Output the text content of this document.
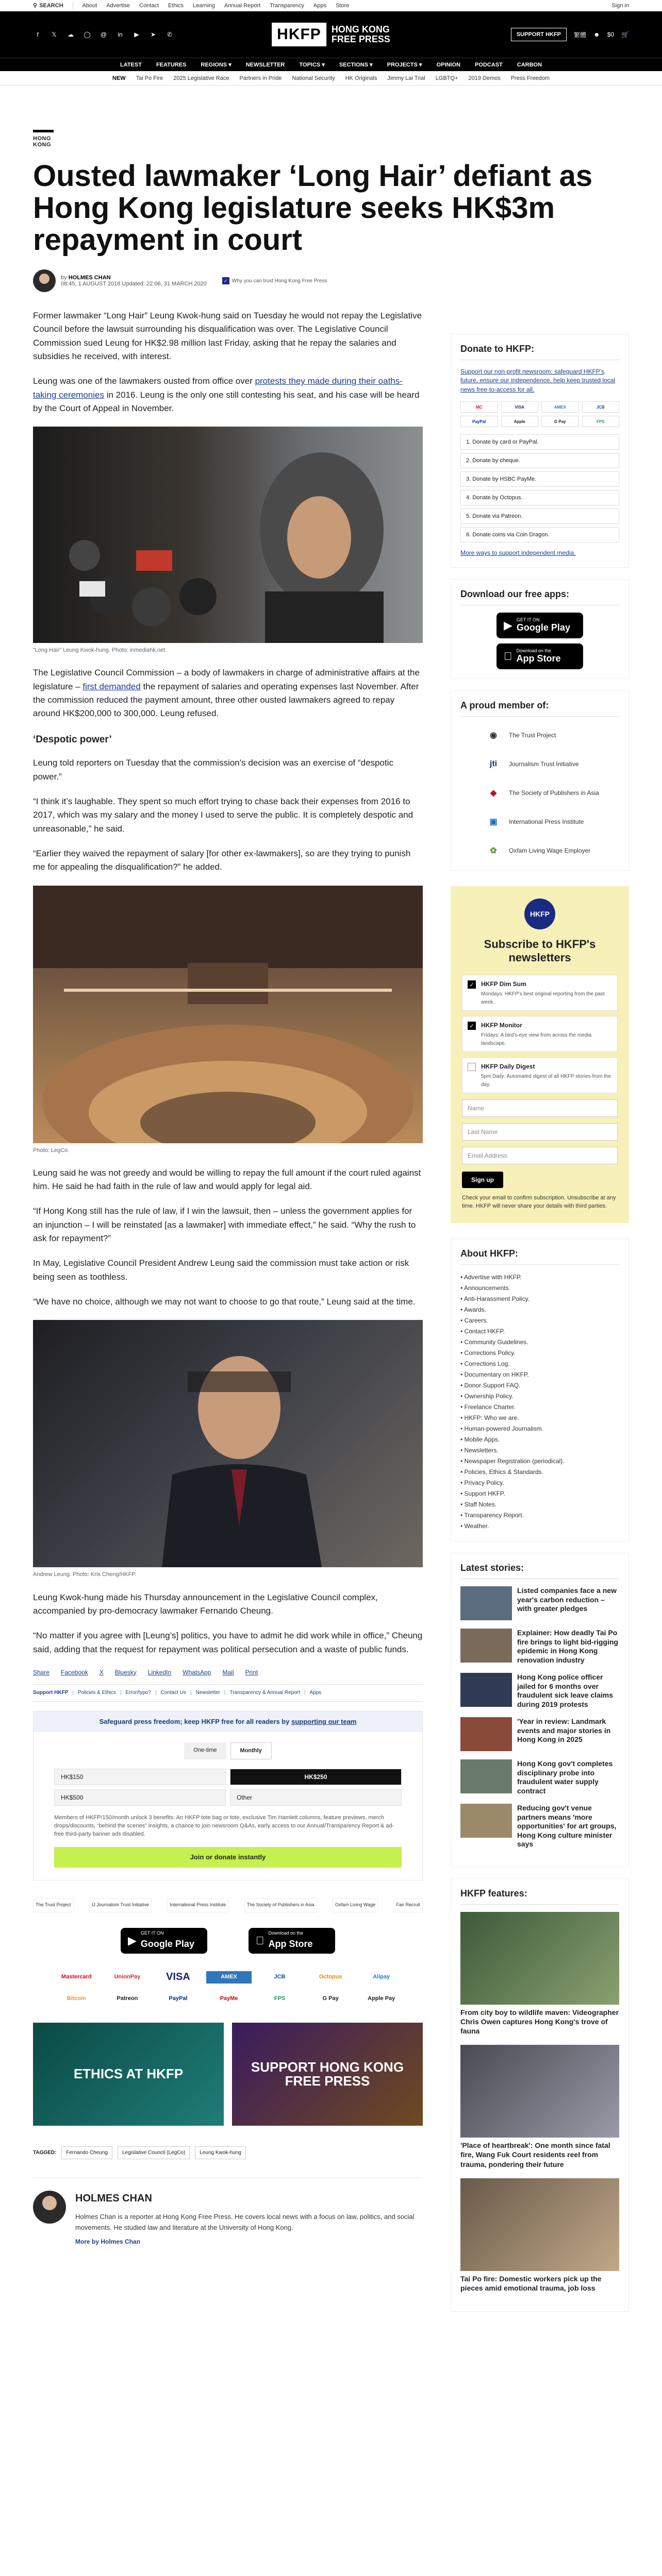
⚲ SEARCH	About Advertise Contact Ethics Learning Annual Report Transparency Apps Store	Sign in
f	𝕏	☁ ◯ @	in	▶	➤	✆	HKFP	HONG KONG
FREE PRESS	SUPPORT HKFP	繁體 ☻ $0 🛒
LATEST	FEATURES	REGIONS ▾	NEWSLETTER	TOPICS ▾	SECTIONS ▾	PROJECTS ▾	OPINION	PODCAST	CARBON
NEW Tai Po Fire 2025 Legislative Race Partners in Pride National Security HK Originals Jimmy Lai Trial LGBTQ+ 2019 Demos Press Freedom
HONG KONG
Ousted lawmaker ‘Long Hair’ defiant as Hong Kong legislature seeks HK$3m repayment in court
by HOLMES CHAN
08:45, 1 AUGUST 2018 Updated: 22:06, 31 MARCH 2020
✓ Why you can trust Hong Kong Free Press

Former lawmaker “Long Hair” Leung Kwok-hung said on Tuesday he would not repay the Legislative Council before the lawsuit surrounding his disqualification was over. The Legislative Council Commission sued Leung for HK$2.98 million last Friday, asking that he repay the salaries and subsidies he received, with interest.

Leung was one of the lawmakers ousted from office over protests they made during their oaths-taking ceremonies in 2016. Leung is the only one still contesting his seat, and his case will be heard by the Court of Appeal in November.

“Long Hair” Leung Kwok-hung. Photo: inmediahk.net.

The Legislative Council Commission – a body of lawmakers in charge of administrative affairs at the legislature – first demanded the repayment of salaries and operating expenses last November. After the commission reduced the payment amount, three other ousted lawmakers agreed to repay around HK$200,000 to 300,000. Leung refused.

‘Despotic power’

Leung told reporters on Tuesday that the commission’s decision was an exercise of “despotic power.”

“I think it’s laughable. They spent so much effort trying to chase back their expenses from 2016 to 2017, which was my salary and the money I used to serve the public. It is completely despotic and unreasonable,” he said.

“Earlier they waived the repayment of salary [for other ex-lawmakers], so are they trying to punish me for appealing the disqualification?” he added.

Photo: LegCo.

Leung said he was not greedy and would be willing to repay the full amount if the court ruled against him. He said he had faith in the rule of law and would apply for legal aid.

“If Hong Kong still has the rule of law, if I win the lawsuit, then – unless the government applies for an injunction – I will be reinstated [as a lawmaker] with immediate effect,” he said. “Why the rush to ask for repayment?”

In May, Legislative Council President Andrew Leung said the commission must take action or risk being seen as toothless.

“We have no choice, although we may not want to choose to go that route,” Leung said at the time.

Andrew Leung. Photo: Kris Cheng/HKFP.

Leung Kwok-hung made his Thursday announcement in the Legislative Council complex, accompanied by pro-democracy lawmaker Fernando Cheung.

“No matter if you agree with [Leung’s] politics, you have to admit he did work while in office,” Cheung said, adding that the request for repayment was political persecution and a waste of public funds.

Share Facebook X Bluesky LinkedIn WhatsApp Mail Print
Support HKFP | Policies & Ethics | Error/typo? | Contact Us | Newsletter | Transparency & Annual Report | Apps
Safeguard press freedom; keep HKFP free for all readers by supporting our team
One-time	Monthly
HK$150	HK$250
HK$500	Other
Members of HKFP/150/month unlock 3 benefits: An HKFP tote bag or tote, exclusive Tim Hamlett columns, feature previews, merch drops/discounts, “behind the scenes” insights, a chance to join newsroom Q&As, early access to our Annual/Transparency Report & ad-free third-party banner ads disabled.
Join or donate instantly
The Trust Project	IJ Journalism Trust Initiative	International Press Institute	The Society of Publishers in Asia	Oxfam Living Wage	Fair Recruit
▶
GET IT ON
Google Play
Download on the
App Store
Mastercard	UnionPay	VISA	AMEX	JCB	Octopus	Alipay
Bitcoin	Patreon	PayPal	PayMe	FPS	G Pay	Apple Pay
ETHICS AT HKFP	SUPPORT HONG KONG FREE PRESS
TAGGED:	Fernando Cheung	Legislative Council (LegCo)	Leung Kwok-hung
HOLMES CHAN
Holmes Chan is a reporter at Hong Kong Free Press. He covers local news with a focus on law, politics, and social movements. He studied law and literature at the University of Hong Kong.
More by Holmes Chan
Donate to HKFP:
Support our non-profit newsroom: safeguard HKFP's future, ensure our independence, help keep trusted local news free-to-access for all.
MC	VISA	AMEX	JCB
PayPal	Apple	G Pay	FPS
1. Donate by card or PayPal.
2. Donate by cheque.
3. Donate by HSBC PayMe.
4. Donate by Octopus.
5. Donate via Patreon.
6. Donate coins via Coin Dragon.
More ways to support independent media.
Download our free apps:
▶ GET IT ON
Google Play
Download on the
App Store
A proud member of:
◉	The Trust Project
jti	Journalism Trust Initiative
◆	The Society of Publishers in Asia
▣	International Press Institute
✿	Oxfam Living Wage Employer
HKFP
Subscribe to HKFP's newsletters
✓ HKFP Dim Sum
Mondays: HKFP's best original reporting from the past week.
✓ HKFP Monitor
Fridays: A bird's-eye view from across the media landscape.
HKFP Daily Digest
5pm Daily: Automated digest of all HKFP stories from the day.
Name
Last Name
Email Address
Sign up
Check your email to confirm subscription. Unsubscribe at any time. HKFP will never share your details with third parties.
About HKFP:
• Advertise with HKFP.
• Announcements.
• Anti-Harassment Policy.
• Awards.
• Careers.
• Contact HKFP.
• Community Guidelines.
• Corrections Policy.
• Corrections Log.
• Documentary on HKFP.
• Donor Support FAQ.
• Ownership Policy.
• Freelance Charter.
• HKFP: Who we are.
• Human-powered Journalism.
• Mobile Apps.
• Newsletters.
• Newspaper Registration (periodical).
• Policies, Ethics & Standards.
• Privacy Policy.
• Support HKFP.
• Staff Notes.
• Transparency Report.
• Weather.
Latest stories:
Listed companies face a new year's carbon reduction – with greater pledges
Explainer: How deadly Tai Po fire brings to light bid-rigging epidemic in Hong Kong renovation industry
Hong Kong police officer jailed for 6 months over fraudulent sick leave claims during 2019 protests
'Year in review: Landmark events and major stories in Hong Kong in 2025
Hong Kong gov't completes disciplinary probe into fraudulent water supply contract
Reducing gov't venue partners means 'more opportunities' for art groups, Hong Kong culture minister says
HKFP features:
From city boy to wildlife maven: Videographer Chris Owen captures Hong Kong's trove of fauna
'Place of heartbreak': One month since fatal fire, Wang Fuk Court residents reel from trauma, pondering their future
Tai Po fire: Domestic workers pick up the pieces amid emotional trauma, job loss
